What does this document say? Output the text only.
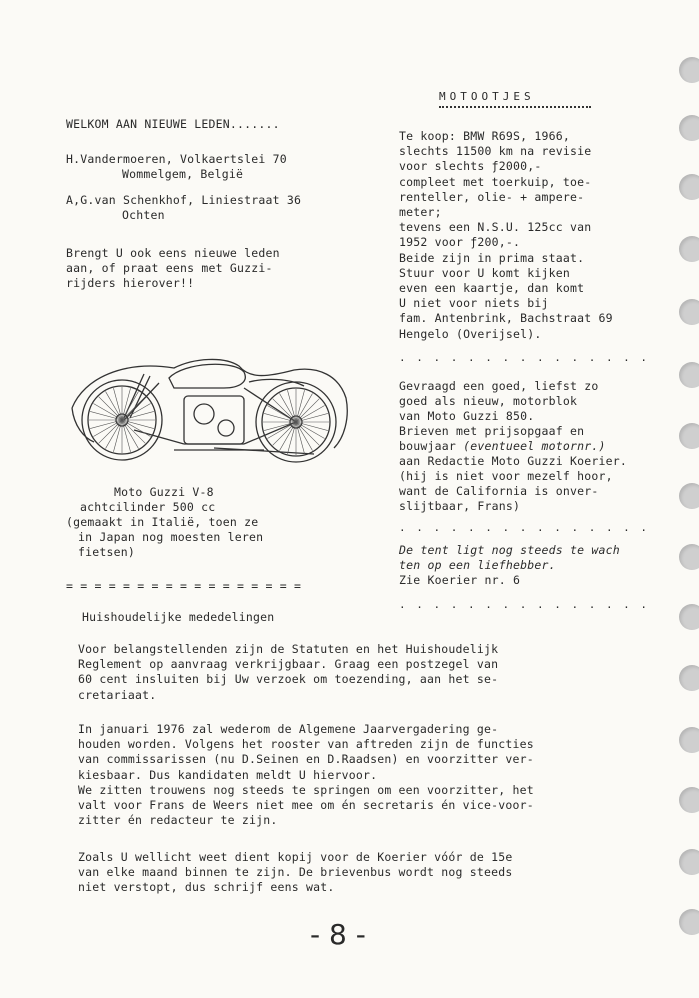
WELKOM AAN NIEUWE LEDEN.......
H.Vandermoeren, Volkaertslei 70
Wommelgem, België
A,G.van Schenkhof, Liniestraat 36
Ochten
Brengt U ook eens nieuwe leden
aan, of praat eens met Guzzi-
rijders hierover!!
Moto Guzzi V-8
achtcilinder 500 cc
(gemaakt in Italië, toen ze
in Japan nog moesten leren
fietsen)
= = = = = = = = = = = = = = = = =
MOTOOTJES
Te koop: BMW R69S, 1966,
slechts 11500 km na revisie
voor slechts ƒ2000,-
compleet met toerkuip, toe-
renteller, olie- + ampere-
meter;
tevens een N.S.U. 125cc van
1952 voor ƒ200,-.
Beide zijn in prima staat.
Stuur voor U komt kijken
even een kaartje, dan komt
U niet voor niets bij
fam. Antenbrink, Bachstraat 69
Hengelo (Overijsel).
. . . . . . . . . . . . . . .
Gevraagd een goed, liefst zo
goed als nieuw, motorblok
van Moto Guzzi 850.
Brieven met prijsopgaaf en
bouwjaar (eventueel motornr.)
aan Redactie Moto Guzzi Koerier.
(hij is niet voor mezelf hoor,
want de California is onver-
slijtbaar, Frans)
. . . . . . . . . . . . . . .
De tent ligt nog steeds te wach
ten op een liefhebber.
Zie Koerier nr. 6
. . . . . . . . . . . . . . .
Huishoudelijke mededelingen
Voor belangstellenden zijn de Statuten en het Huishoudelijk
Reglement op aanvraag verkrijgbaar. Graag een postzegel van
60 cent insluiten bij Uw verzoek om toezending, aan het se-
cretariaat.
In januari 1976 zal wederom de Algemene Jaarvergadering ge-
houden worden. Volgens het rooster van aftreden zijn de functies
van commissarissen (nu D.Seinen en D.Raadsen) en voorzitter ver-
kiesbaar. Dus kandidaten meldt U hiervoor.
We zitten trouwens nog steeds te springen om een voorzitter, het
valt voor Frans de Weers niet mee om én secretaris én vice-voor-
zitter én redacteur te zijn.
Zoals U wellicht weet dient kopij voor de Koerier vóór de 15e
van elke maand binnen te zijn. De brievenbus wordt nog steeds
niet verstopt, dus schrijf eens wat.
- 8 -
